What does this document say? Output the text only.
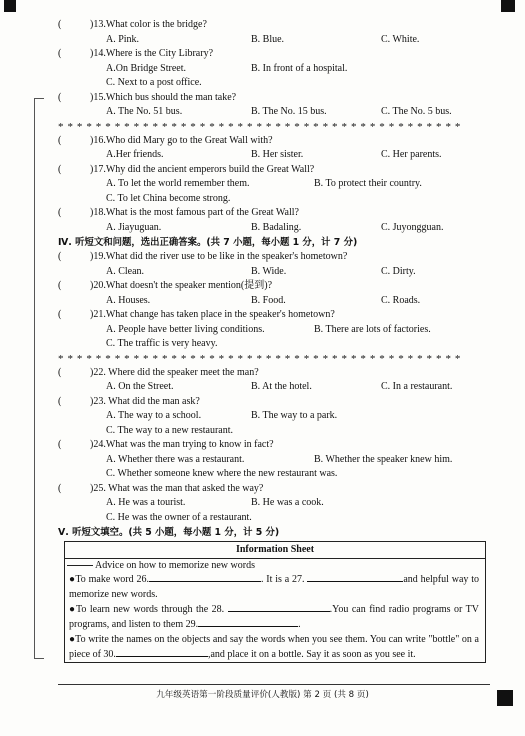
(	)13.What color is the bridge?
A. Pink.	B. Blue.	C. White.
(	)14.Where is the City Library?
A.On Bridge Street.	B. In front of a hospital.
C. Next to a post office.
(	)15.Which bus should the man take?
A. The No. 51 bus.	B. The No. 15 bus.	C. The No. 5 bus.
* * * * * * * * * * * * * * * * * * * * * * * * * * * * * * * * * * * * * * * * * * *
(	)16.Who did Mary go to the Great Wall with?
A.Her friends.	B. Her sister.	C. Her parents.
(	)17.Why did the ancient emperors build the Great Wall?
A. To let the world remember them.	B. To protect their country.
C. To let China become strong.
(	)18.What is the most famous part of the Great Wall?
A. Jiayuguan.	B. Badaling.	C. Juyongguan.
Ⅳ. 听短文和问题，选出正确答案。(共 7 小题，每小题 1 分，计 7 分)
(	)19.What did the river use to be like in the speaker's hometown?
A. Clean.	B. Wide.	C. Dirty.
(	)20.What doesn't the speaker mention(提到)?
A. Houses.	B. Food.	C. Roads.
(	)21.What change has taken place in the speaker's hometown?
A. People have better living conditions.	B. There are lots of factories.
C. The traffic is very heavy.
* * * * * * * * * * * * * * * * * * * * * * * * * * * * * * * * * * * * * * * * * * *
(	)22. Where did the speaker meet the man?
A. On the Street.	B. At the hotel.	C. In a restaurant.
(	)23. What did the man ask?
A. The way to a school.	B. The way to a park.
C. The way to a new restaurant.
(	)24.What was the man trying to know in fact?
A. Whether there was a restaurant.	B. Whether the speaker knew him.
C. Whether someone knew where the new restaurant was.
(	)25. What was the man that asked the way?
A. He was a tourist.	B. He was a cook.
C. He was the owner of a restaurant.
Ⅴ. 听短文填空。(共 5 小题，每小题 1 分，计 5 分)
Information Sheet
Advice on how to memorize new words
●To make word 26.	. It is a 27.	and helpful way to memorize new words.
●To learn new words through the 28.	.You can find radio programs or TV programs, and listen to them 29.	.
●To write the names on the objects and say the words when you see them. You can write "bottle" on a piece of 30.	,and place it on a bottle. Say it as soon as you see it.
九年级英语第一阶段质量评价(人教版) 第 2 页 (共 8 页)
